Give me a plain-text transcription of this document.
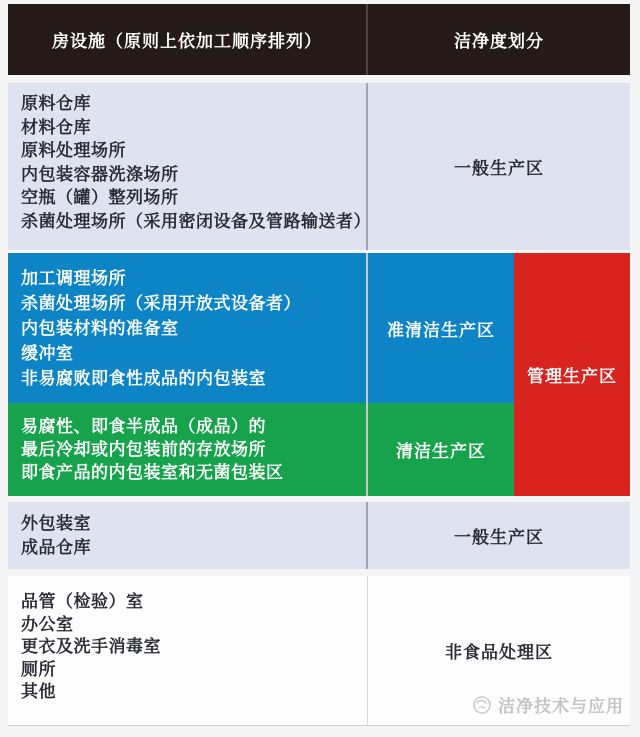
房设施（原则上依加工顺序排列）	洁净度划分
原料仓库
材料仓库
原料处理场所
内包装容器洗涤场所
空瓶（罐）整列场所
杀菌处理场所（采用密闭设备及管路输送者）
一般生产区
加工调理场所
杀菌处理场所（采用开放式设备者）
内包装材料的准备室
缓冲室
非易腐败即食性成品的内包装室
易腐性、即食半成品（成品）的
最后冷却或内包装前的存放场所
即食产品的内包装室和无菌包装区
准清洁生产区
清洁生产区
管理生产区
外包装室
成品仓库	一般生产区
品管（检验）室
办公室
更衣及洗手消毒室
厕所
其他
非食品处理区
洁净技术与应用
